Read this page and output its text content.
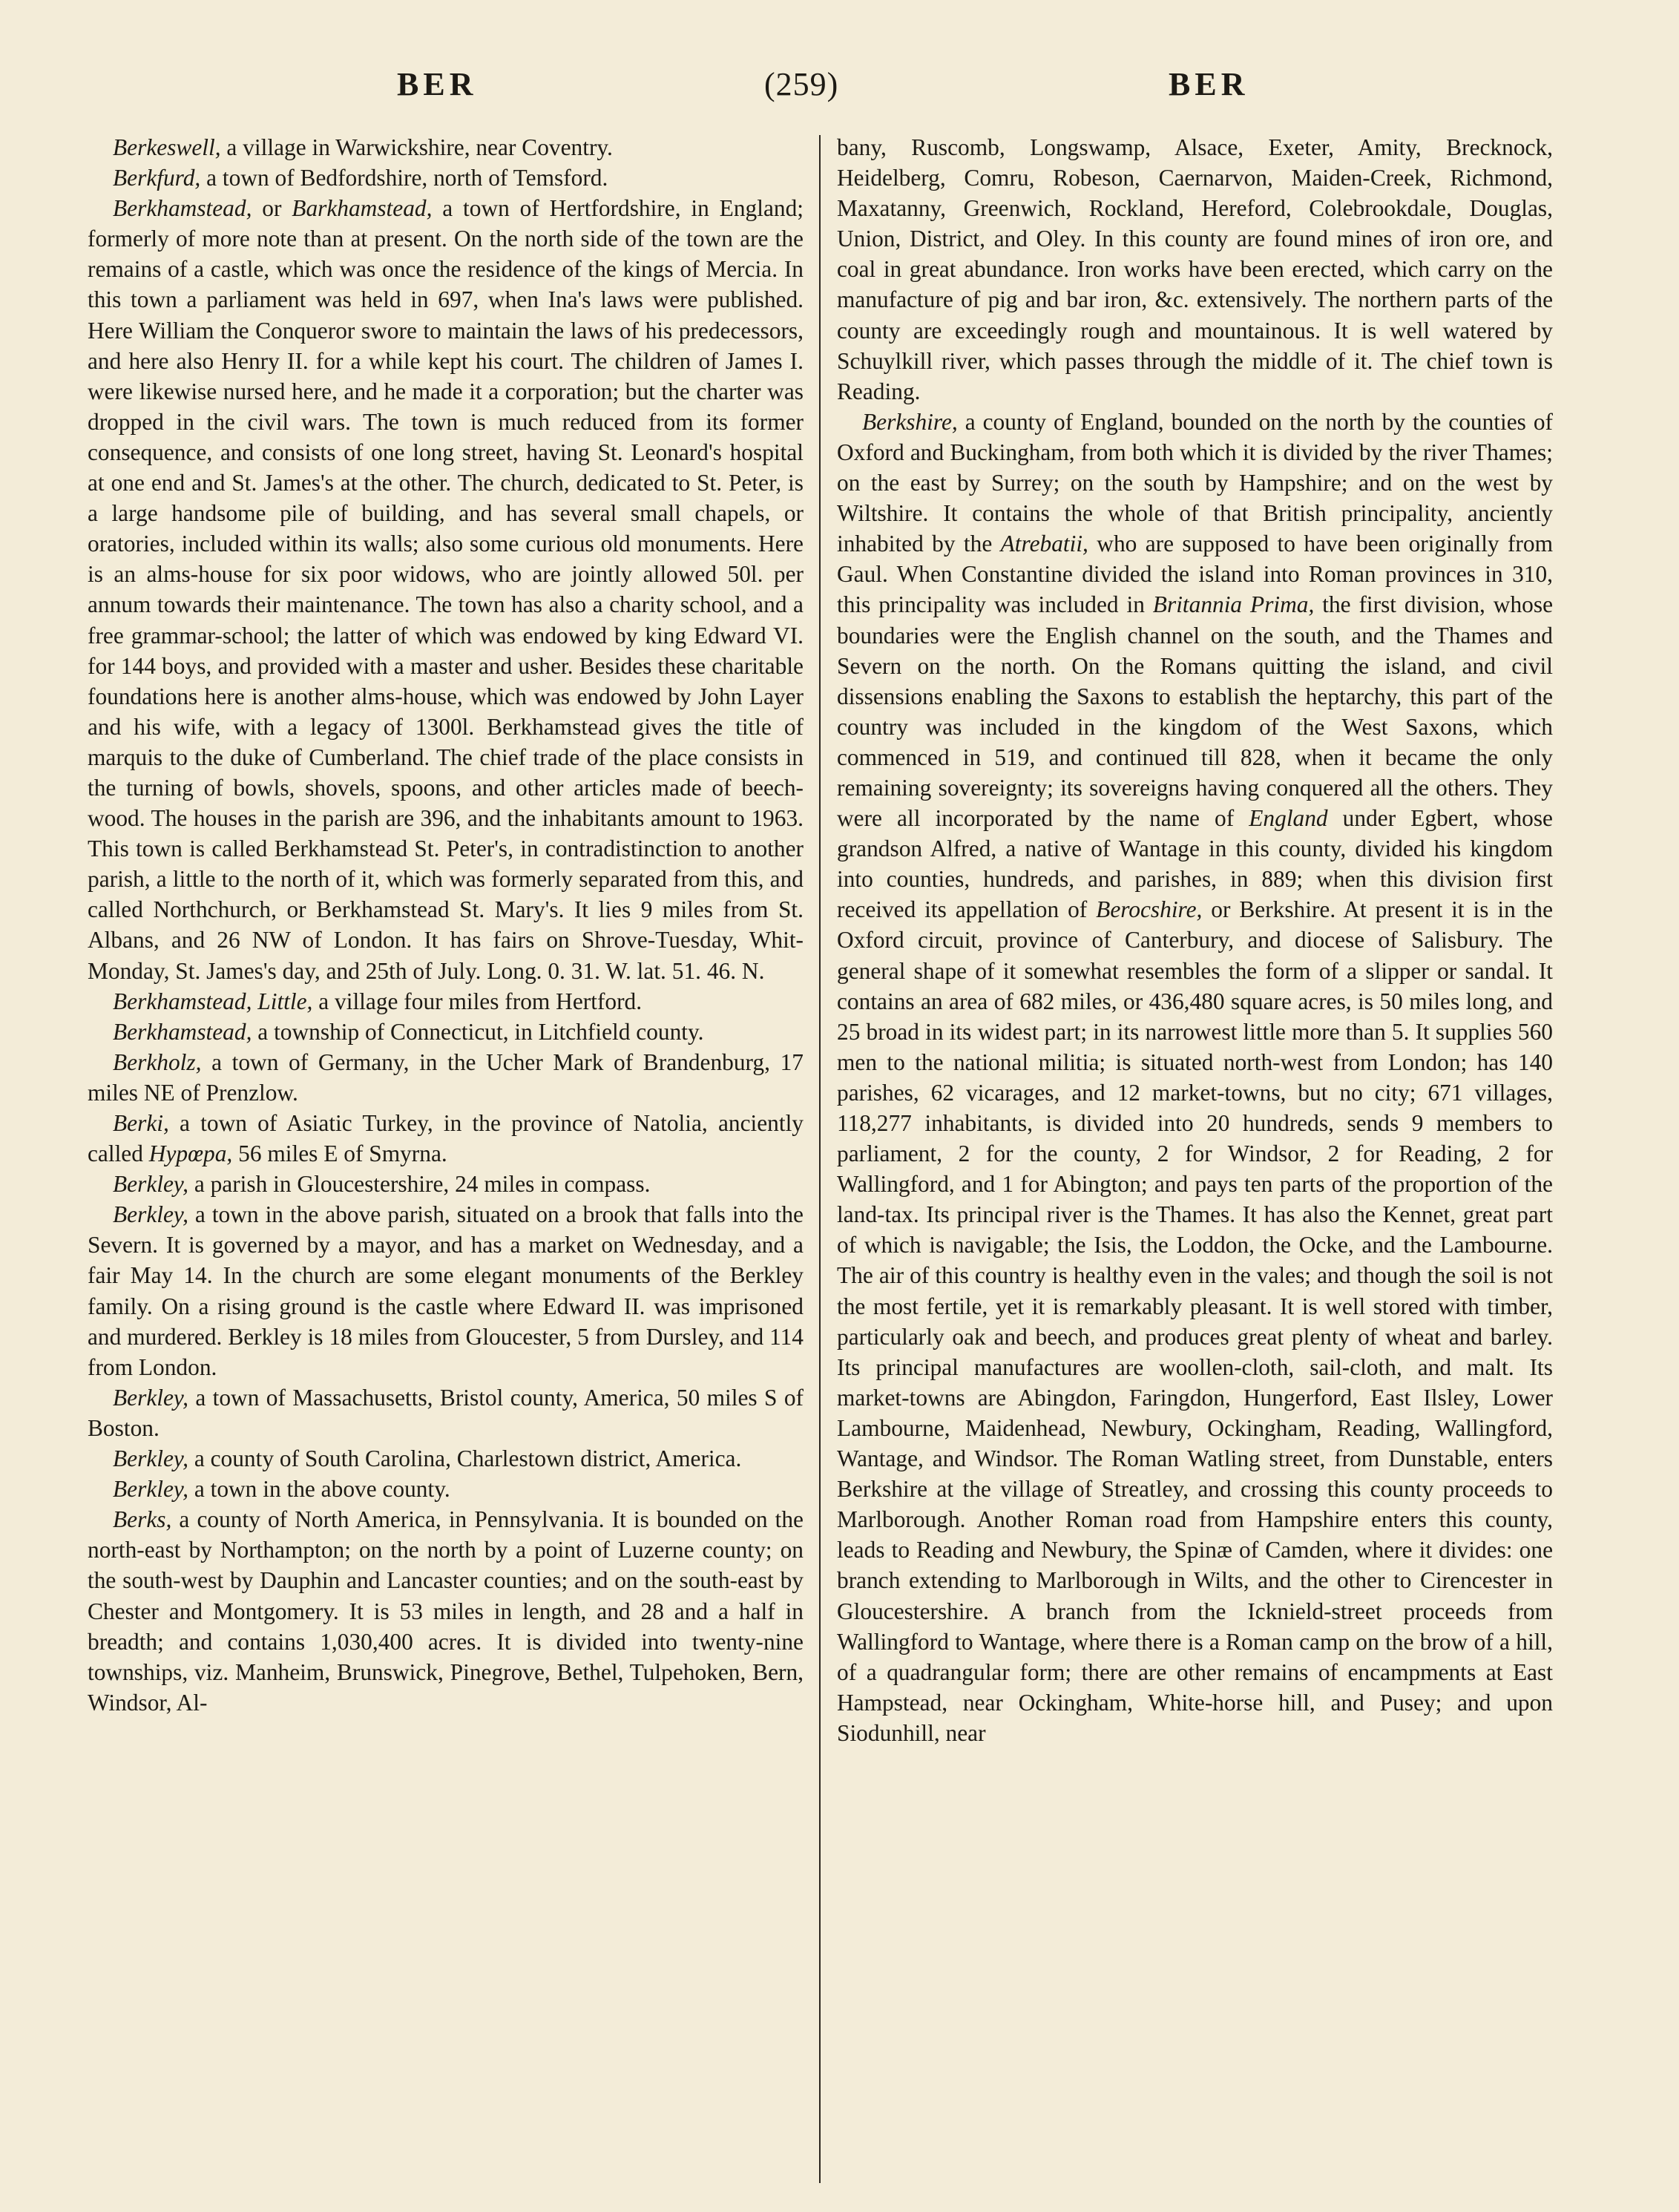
BER	(259)	BER

Berkeswell, a village in Warwickshire, near Coventry.

Berkfurd, a town of Bedfordshire, north of Temsford.

Berkhamstead, or Barkhamstead, a town of Hertfordshire, in England; formerly of more note than at present. On the north side of the town are the remains of a castle, which was once the residence of the kings of Mercia. In this town a parliament was held in 697, when Ina's laws were published. Here William the Conqueror swore to maintain the laws of his predecessors, and here also Henry II. for a while kept his court. The children of James I. were likewise nursed here, and he made it a corporation; but the charter was dropped in the civil wars. The town is much reduced from its former consequence, and consists of one long street, having St. Leonard's hospital at one end and St. James's at the other. The church, dedicated to St. Peter, is a large handsome pile of building, and has several small chapels, or oratories, included within its walls; also some curious old monuments. Here is an alms-house for six poor widows, who are jointly allowed 50l. per annum towards their maintenance. The town has also a charity school, and a free grammar-school; the latter of which was endowed by king Edward VI. for 144 boys, and provided with a master and usher. Besides these charitable foundations here is another alms-house, which was endowed by John Layer and his wife, with a legacy of 1300l. Berkhamstead gives the title of marquis to the duke of Cumberland. The chief trade of the place consists in the turning of bowls, shovels, spoons, and other articles made of beech-wood. The houses in the parish are 396, and the inhabitants amount to 1963. This town is called Berkhamstead St. Peter's, in contradistinction to another parish, a little to the north of it, which was formerly separated from this, and called Northchurch, or Berkhamstead St. Mary's. It lies 9 miles from St. Albans, and 26 NW of London. It has fairs on Shrove-Tuesday, Whit-Monday, St. James's day, and 25th of July. Long. 0. 31. W. lat. 51. 46. N.

Berkhamstead, Little, a village four miles from Hertford.

Berkhamstead, a township of Connecticut, in Litchfield county.

Berkholz, a town of Germany, in the Ucher Mark of Brandenburg, 17 miles NE of Prenzlow.

Berki, a town of Asiatic Turkey, in the province of Natolia, anciently called Hypœpa, 56 miles E of Smyrna.

Berkley, a parish in Gloucestershire, 24 miles in compass.

Berkley, a town in the above parish, situated on a brook that falls into the Severn. It is governed by a mayor, and has a market on Wednesday, and a fair May 14. In the church are some elegant monuments of the Berkley family. On a rising ground is the castle where Edward II. was imprisoned and murdered. Berkley is 18 miles from Gloucester, 5 from Dursley, and 114 from London.

Berkley, a town of Massachusetts, Bristol county, America, 50 miles S of Boston.

Berkley, a county of South Carolina, Charlestown district, America.

Berkley, a town in the above county.

Berks, a county of North America, in Pennsylvania. It is bounded on the north-east by Northampton; on the north by a point of Luzerne county; on the south-west by Dauphin and Lancaster counties; and on the south-east by Chester and Montgomery. It is 53 miles in length, and 28 and a half in breadth; and contains 1,030,400 acres. It is divided into twenty-nine townships, viz. Manheim, Brunswick, Pinegrove, Bethel, Tulpehoken, Bern, Windsor, Al-

bany, Ruscomb, Longswamp, Alsace, Exeter, Amity, Brecknock, Heidelberg, Comru, Robeson, Caernarvon, Maiden-Creek, Richmond, Maxatanny, Greenwich, Rockland, Hereford, Colebrookdale, Douglas, Union, District, and Oley. In this county are found mines of iron ore, and coal in great abundance. Iron works have been erected, which carry on the manufacture of pig and bar iron, &c. extensively. The northern parts of the county are exceedingly rough and mountainous. It is well watered by Schuylkill river, which passes through the middle of it. The chief town is Reading.

Berkshire, a county of England, bounded on the north by the counties of Oxford and Buckingham, from both which it is divided by the river Thames; on the east by Surrey; on the south by Hampshire; and on the west by Wiltshire. It contains the whole of that British principality, anciently inhabited by the Atrebatii, who are supposed to have been originally from Gaul. When Constantine divided the island into Roman provinces in 310, this principality was included in Britannia Prima, the first division, whose boundaries were the English channel on the south, and the Thames and Severn on the north. On the Romans quitting the island, and civil dissensions enabling the Saxons to establish the heptarchy, this part of the country was included in the kingdom of the West Saxons, which commenced in 519, and continued till 828, when it became the only remaining sovereignty; its sovereigns having conquered all the others. They were all incorporated by the name of England under Egbert, whose grandson Alfred, a native of Wantage in this county, divided his kingdom into counties, hundreds, and parishes, in 889; when this division first received its appellation of Berocshire, or Berkshire. At present it is in the Oxford circuit, province of Canterbury, and diocese of Salisbury. The general shape of it somewhat resembles the form of a slipper or sandal. It contains an area of 682 miles, or 436,480 square acres, is 50 miles long, and 25 broad in its widest part; in its narrowest little more than 5. It supplies 560 men to the national militia; is situated north-west from London; has 140 parishes, 62 vicarages, and 12 market-towns, but no city; 671 villages, 118,277 inhabitants, is divided into 20 hundreds, sends 9 members to parliament, 2 for the county, 2 for Windsor, 2 for Reading, 2 for Wallingford, and 1 for Abington; and pays ten parts of the proportion of the land-tax. Its principal river is the Thames. It has also the Kennet, great part of which is navigable; the Isis, the Loddon, the Ocke, and the Lambourne. The air of this country is healthy even in the vales; and though the soil is not the most fertile, yet it is remarkably pleasant. It is well stored with timber, particularly oak and beech, and produces great plenty of wheat and barley. Its principal manufactures are woollen-cloth, sail-cloth, and malt. Its market-towns are Abingdon, Faringdon, Hungerford, East Ilsley, Lower Lambourne, Maidenhead, Newbury, Ockingham, Reading, Wallingford, Wantage, and Windsor. The Roman Watling street, from Dunstable, enters Berkshire at the village of Streatley, and crossing this county proceeds to Marlborough. Another Roman road from Hampshire enters this county, leads to Reading and Newbury, the Spinæ of Camden, where it divides: one branch extending to Marlborough in Wilts, and the other to Cirencester in Gloucestershire. A branch from the Icknield-street proceeds from Wallingford to Wantage, where there is a Roman camp on the brow of a hill, of a quadrangular form; there are other remains of encampments at East Hampstead, near Ockingham, White-horse hill, and Pusey; and upon Siodunhill, near
